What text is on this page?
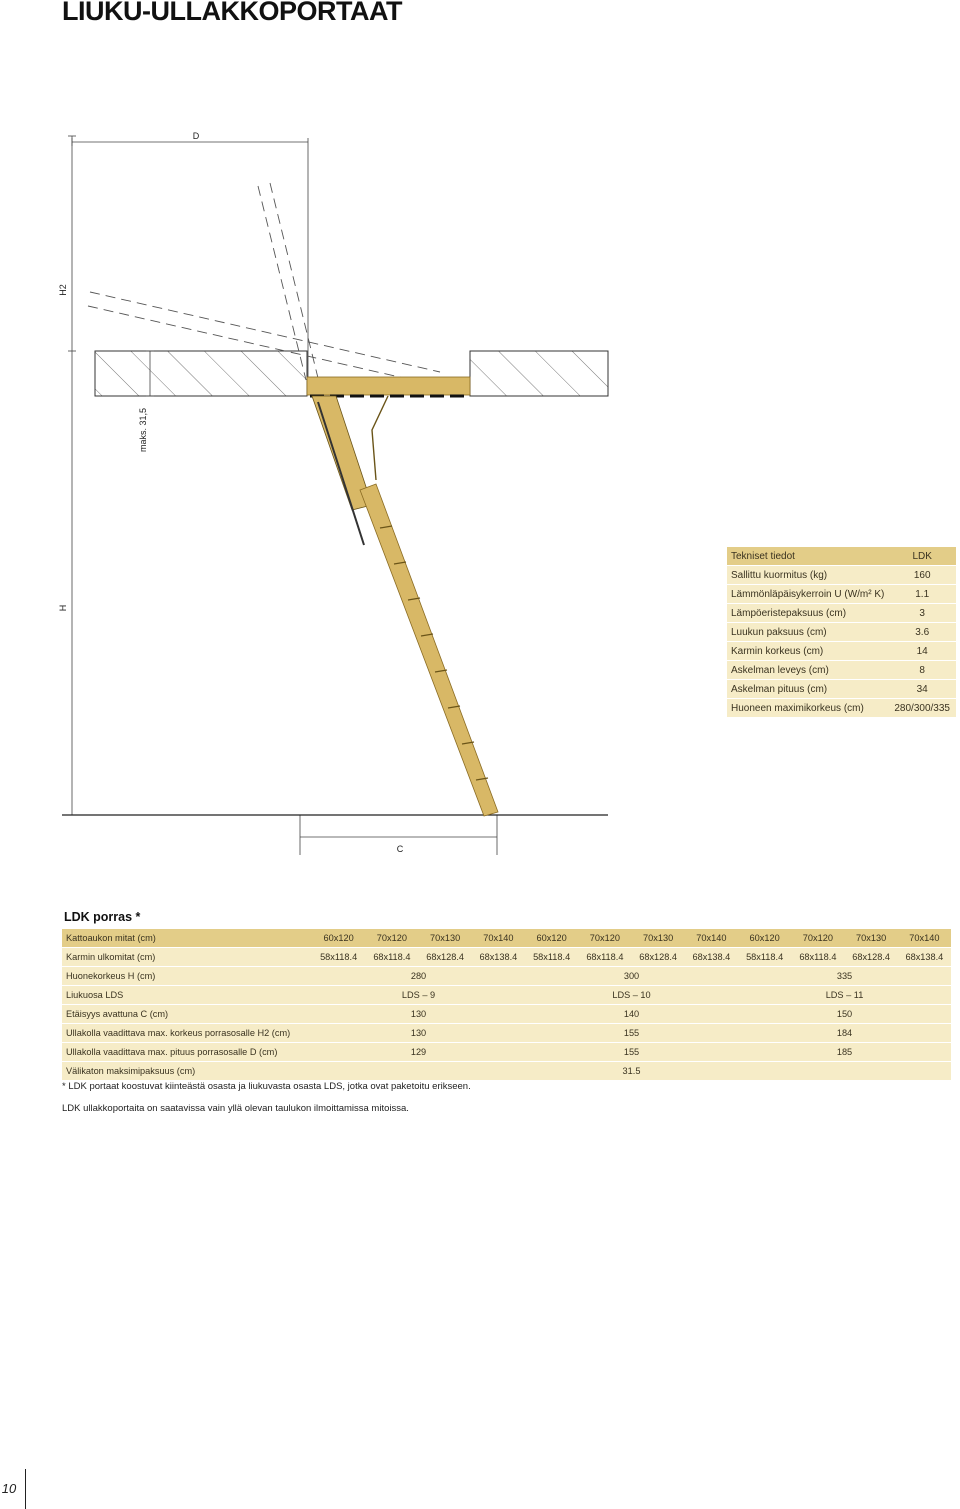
LIUKU-ULLAKKOPORTAAT
D
H2
H
maks. 31,5
C
Tekniset tiedot	LDK
Sallittu kuormitus (kg)	160
Lämmönläpäisykerroin U (W/m² K)	1.1
Lämpöeristepaksuus (cm)	3
Luukun paksuus (cm)	3.6
Karmin korkeus (cm)	14
Askelman leveys (cm)	8
Askelman pituus (cm)	34
Huoneen maximikorkeus (cm)	280/300/335
LDK porras *
Kattoaukon mitat (cm)	60x120	70x120	70x130	70x140	60x120	70x120	70x130	70x140	60x120	70x120	70x130	70x140
Karmin ulkomitat (cm)	58x118.4	68x118.4	68x128.4	68x138.4	58x118.4	68x118.4	68x128.4	68x138.4	58x118.4	68x118.4	68x128.4	68x138.4
Huonekorkeus H (cm)	280				300				335			
Liukuosa LDS	LDS – 9				LDS – 10				LDS – 11			
Etäisyys avattuna C (cm)	130				140				150			
Ullakolla vaadittava max. korkeus porrasosalle H2 (cm)	130				155				184			
Ullakolla vaadittava max. pituus porrasosalle D (cm)	129				155				185			
Välikaton maksimipaksuus (cm)	31.5											

* LDK portaat koostuvat kiinteästä osasta ja liukuvasta osasta LDS, jotka ovat paketoitu erikseen.

LDK ullakkoportaita on saatavissa vain yllä olevan taulukon ilmoittamissa mitoissa.

10
